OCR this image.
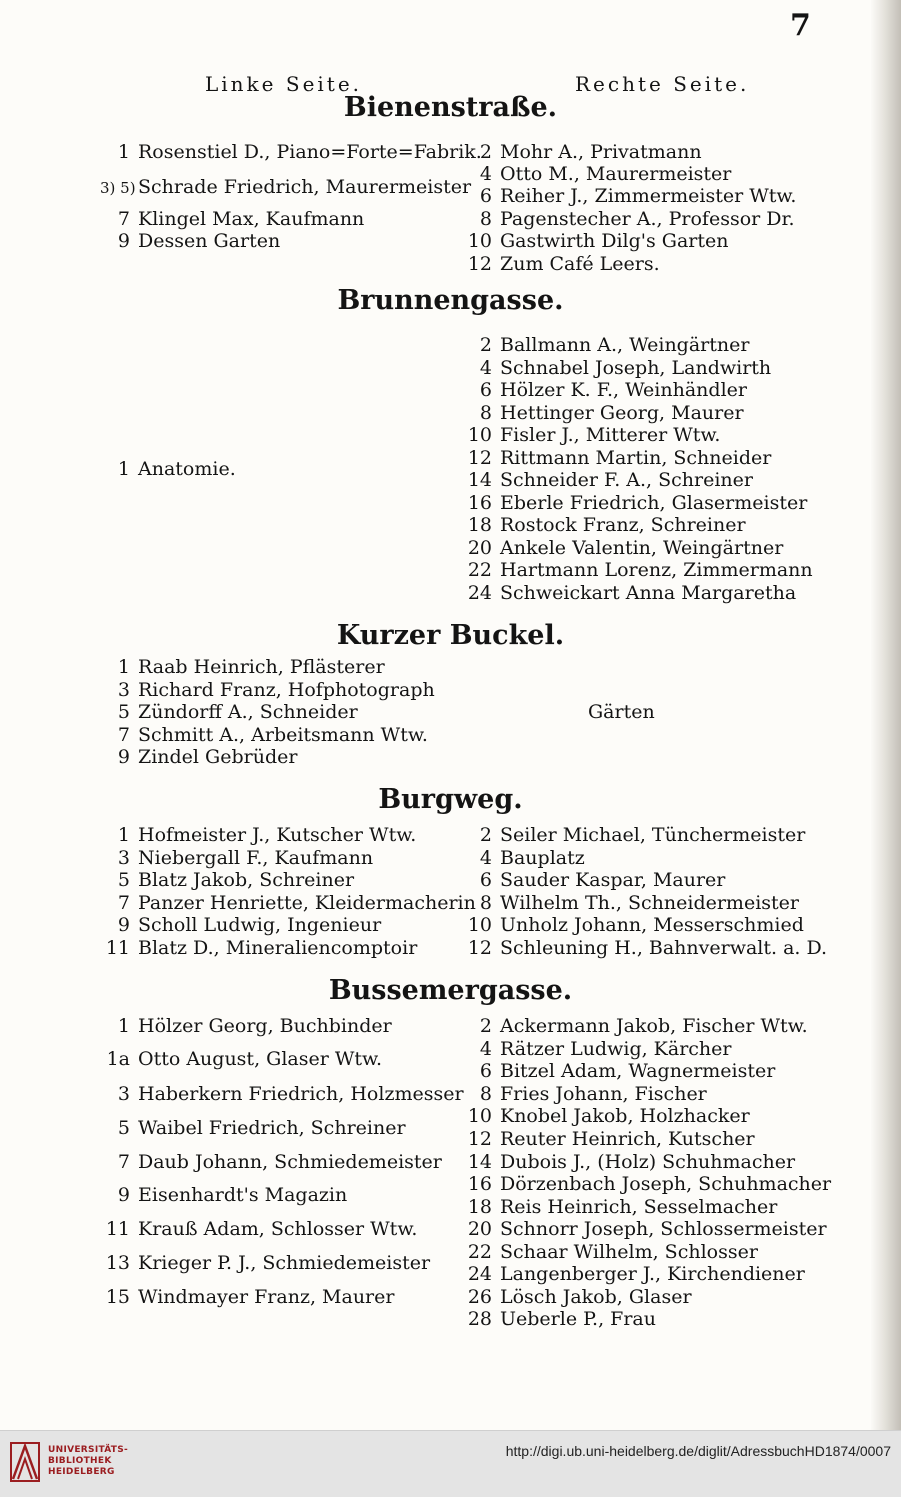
7
Linke Seite.	Rechte Seite.
Bienenstraße.
1 Rosenstiel D., Piano=Forte=Fabrik.
3) 5) Schrade Friedrich, Maurermeister
7 Klingel Max, Kaufmann
9 Dessen Garten
2 Mohr A., Privatmann
4 Otto M., Maurermeister
6 Reiher J., Zimmermeister Wtw.
8 Pagenstecher A., Professor Dr.
10 Gastwirth Dilg's Garten
12 Zum Café Leers.
Brunnengasse.
1 Anatomie.
2 Ballmann A., Weingärtner
4 Schnabel Joseph, Landwirth
6 Hölzer K. F., Weinhändler
8 Hettinger Georg, Maurer
10 Fisler J., Mitterer Wtw.
12 Rittmann Martin, Schneider
14 Schneider F. A., Schreiner
16 Eberle Friedrich, Glasermeister
18 Rostock Franz, Schreiner
20 Ankele Valentin, Weingärtner
22 Hartmann Lorenz, Zimmermann
24 Schweickart Anna Margaretha
Kurzer Buckel.
1 Raab Heinrich, Pflästerer
3 Richard Franz, Hofphotograph
5 Zündorff A., Schneider
7 Schmitt A., Arbeitsmann Wtw.
9 Zindel Gebrüder
Gärten
Burgweg.
1 Hofmeister J., Kutscher Wtw.
3 Niebergall F., Kaufmann
5 Blatz Jakob, Schreiner
7 Panzer Henriette, Kleidermacherin
9 Scholl Ludwig, Ingenieur
11 Blatz D., Mineraliencomptoir
2 Seiler Michael, Tünchermeister
4 Bauplatz
6 Sauder Kaspar, Maurer
8 Wilhelm Th., Schneidermeister
10 Unholz Johann, Messerschmied
12 Schleuning H., Bahnverwalt. a. D.
Bussemergasse.
1 Hölzer Georg, Buchbinder
1a Otto August, Glaser Wtw.
3 Haberkern Friedrich, Holzmesser
5 Waibel Friedrich, Schreiner
7 Daub Johann, Schmiedemeister
9 Eisenhardt's Magazin
11 Krauß Adam, Schlosser Wtw.
13 Krieger P. J., Schmiedemeister
15 Windmayer Franz, Maurer
2 Ackermann Jakob, Fischer Wtw.
4 Rätzer Ludwig, Kärcher
6 Bitzel Adam, Wagnermeister
8 Fries Johann, Fischer
10 Knobel Jakob, Holzhacker
12 Reuter Heinrich, Kutscher
14 Dubois J., (Holz) Schuhmacher
16 Dörzenbach Joseph, Schuhmacher
18 Reis Heinrich, Sesselmacher
20 Schnorr Joseph, Schlossermeister
22 Schaar Wilhelm, Schlosser
24 Langenberger J., Kirchendiener
26 Lösch Jakob, Glaser
28 Ueberle P., Frau
UNIVERSITÄTS-
BIBLIOTHEK
HEIDELBERG
http://digi.ub.uni-heidelberg.de/diglit/AdressbuchHD1874/0007
